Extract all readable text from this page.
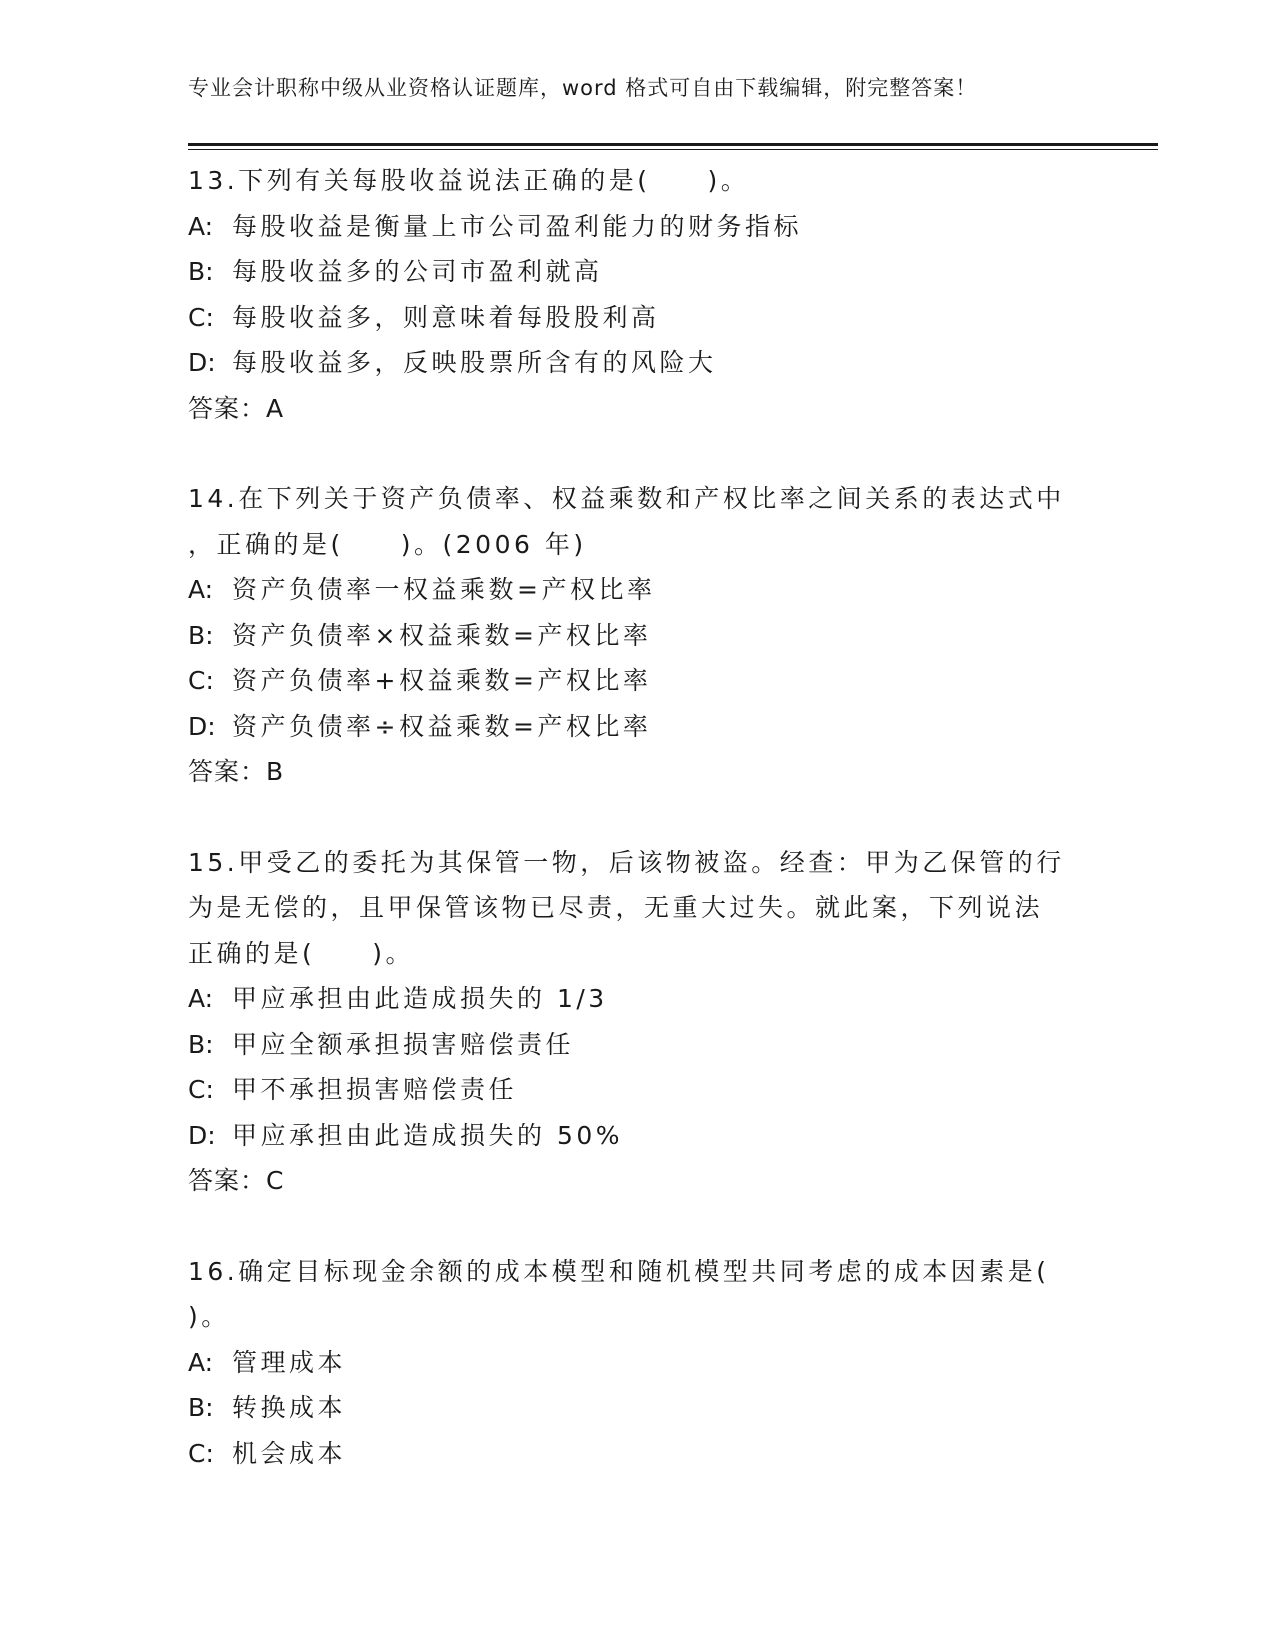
专业会计职称中级从业资格认证题库，word 格式可自由下载编辑，附完整答案！

13.下列有关每股收益说法正确的是(　　)。

A: 每股收益是衡量上市公司盈利能力的财务指标

B: 每股收益多的公司市盈利就高

C: 每股收益多，则意味着每股股利高

D: 每股收益多，反映股票所含有的风险大

答案：A

14.在下列关于资产负债率、权益乘数和产权比率之间关系的表达式中

，正确的是(　　)。(2006 年)

A: 资产负债率一权益乘数=产权比率

B: 资产负债率×权益乘数=产权比率

C: 资产负债率+权益乘数=产权比率

D: 资产负债率÷权益乘数=产权比率

答案：B

15.甲受乙的委托为其保管一物，后该物被盗。经查：甲为乙保管的行

为是无偿的，且甲保管该物已尽责，无重大过失。就此案，下列说法

正确的是(　　)。

A: 甲应承担由此造成损失的 1/3

B: 甲应全额承担损害赔偿责任

C: 甲不承担损害赔偿责任

D: 甲应承担由此造成损失的 50%

答案：C

16.确定目标现金余额的成本模型和随机模型共同考虑的成本因素是(

)。

A: 管理成本

B: 转换成本

C: 机会成本
